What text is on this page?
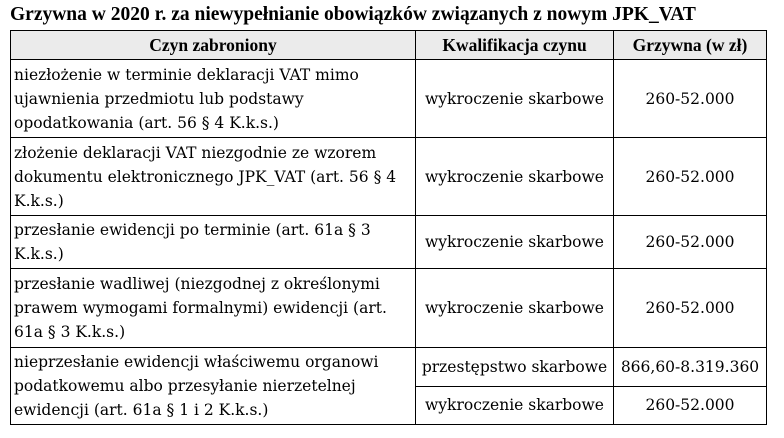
Grzywna w 2020 r. za niewypełnianie obowiązków związanych z nowym JPK_VAT
Czyn zabroniony	Kwalifikacja czynu	Grzywna (w zł)
niezłożenie w terminie deklaracji VAT mimo ujawnienia przedmiotu lub podstawy opodatkowania (art. 56 § 4 K.k.s.)	wykroczenie skarbowe	260-52.000
złożenie deklaracji VAT niezgodnie ze wzorem dokumentu elektronicznego JPK_VAT (art. 56 § 4 K.k.s.)	wykroczenie skarbowe	260-52.000
przesłanie ewidencji po terminie (art. 61a § 3 K.k.s.)	wykroczenie skarbowe	260-52.000
przesłanie wadliwej (niezgodnej z określonymi prawem wymogami formalnymi) ewidencji (art. 61a § 3 K.k.s.)	wykroczenie skarbowe	260-52.000
nieprzesłanie ewidencji właściwemu organowi podatkowemu albo przesyłanie nierzetelnej ewidencji (art. 61a § 1 i 2 K.k.s.)	przestępstwo skarbowe	866,60-8.319.360
	wykroczenie skarbowe	260-52.000
